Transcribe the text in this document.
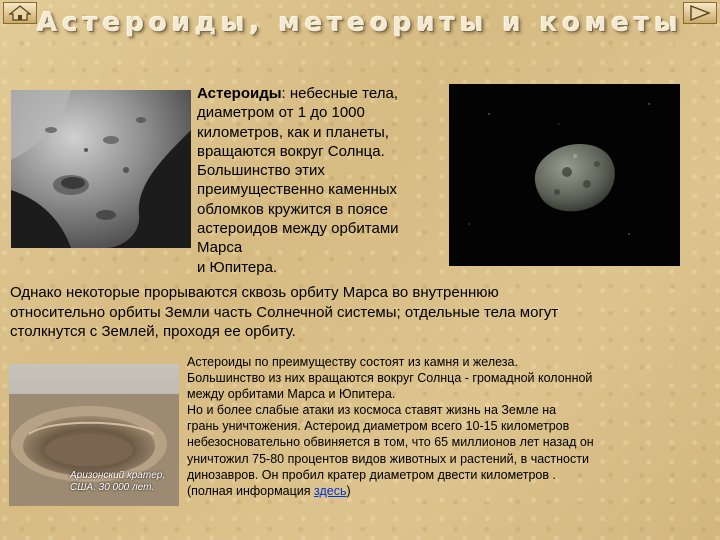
Астероиды, метеориты и кометы
Аризонский кратер,
США. 30 000 лет.
Астероиды: небесные тела,
диаметром от 1 до 1000
километров, как и планеты,
вращаются вокруг Солнца.
Большинство этих
преимущественно каменных
обломков кружится в поясе
астероидов между орбитами Марса
и Юпитера.
Однако некоторые прорываются сквозь орбиту Марса во внутреннюю
относительно орбиты Земли часть Солнечной системы; отдельные тела могут
столкнутся с Землей, проходя ее орбиту.
Астероиды по преимуществу состоят из камня и железа.
Большинство из них вращаются вокруг Солнца - громадной колонной
между орбитами Марса и Юпитера.
Но и более слабые атаки из космоса ставят жизнь на Земле на
грань уничтожения. Астероид диаметром всего 10-15 километров
небезосновательно обвиняется в том, что 65 миллионов лет назад он
уничтожил 75-80 процентов видов животных и растений, в частности
динозавров. Он пробил кратер диаметром двести километров .
(полная информация здесь)
